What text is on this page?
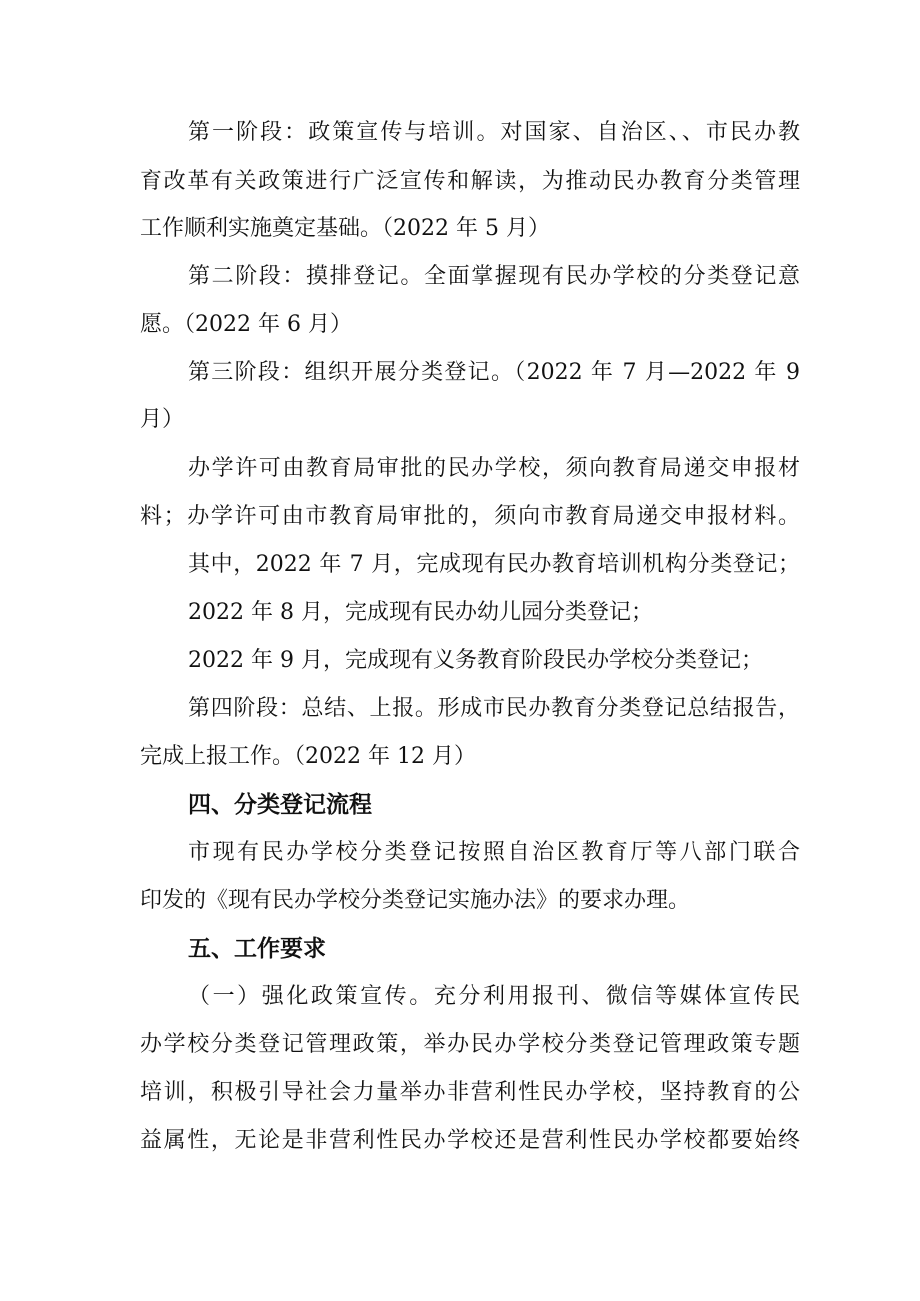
第一阶段：政策宣传与培训。对国家、自治区、、市民办教
育改革有关政策进行广泛宣传和解读，为推动民办教育分类管理
工作顺利实施奠定基础。（2022 年 5 月）
第二阶段：摸排登记。全面掌握现有民办学校的分类登记意
愿。（2022 年 6 月）
第三阶段：组织开展分类登记。（2022 年 7 月—2022 年 9
月）
办学许可由教育局审批的民办学校，须向教育局递交申报材
料；办学许可由市教育局审批的，须向市教育局递交申报材料。
其中，2022 年 7 月，完成现有民办教育培训机构分类登记；
2022 年 8 月，完成现有民办幼儿园分类登记；
2022 年 9 月，完成现有义务教育阶段民办学校分类登记；
第四阶段：总结、上报。形成市民办教育分类登记总结报告，
完成上报工作。（2022 年 12 月）
四、分类登记流程
市现有民办学校分类登记按照自治区教育厅等八部门联合
印发的《现有民办学校分类登记实施办法》的要求办理。
五、工作要求
（一）强化政策宣传。充分利用报刊、微信等媒体宣传民
办学校分类登记管理政策，举办民办学校分类登记管理政策专题
培训，积极引导社会力量举办非营利性民办学校，坚持教育的公
益属性，无论是非营利性民办学校还是营利性民办学校都要始终
